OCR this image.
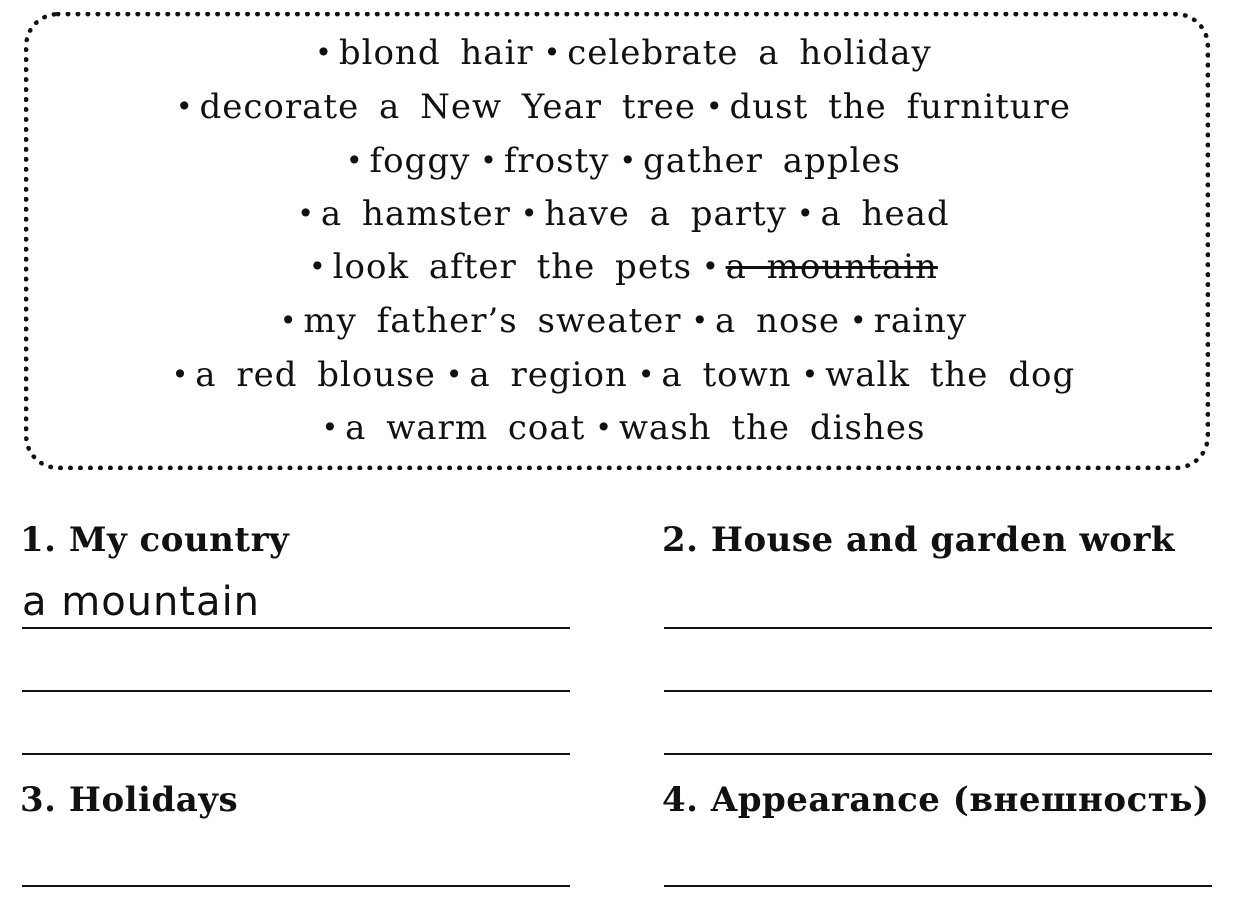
• blond hair • celebrate a holiday
• decorate a New Year tree • dust the furniture
• foggy • frosty • gather apples
• a hamster • have a party • a head
• look after the pets • a mountain
• my father’s sweater • a nose • rainy
• a red blouse • a region • a town • walk the dog
• a warm coat • wash the dishes
1. My country
a mountain
2. House and garden work
3. Holidays	4. Appearance (внешность)
